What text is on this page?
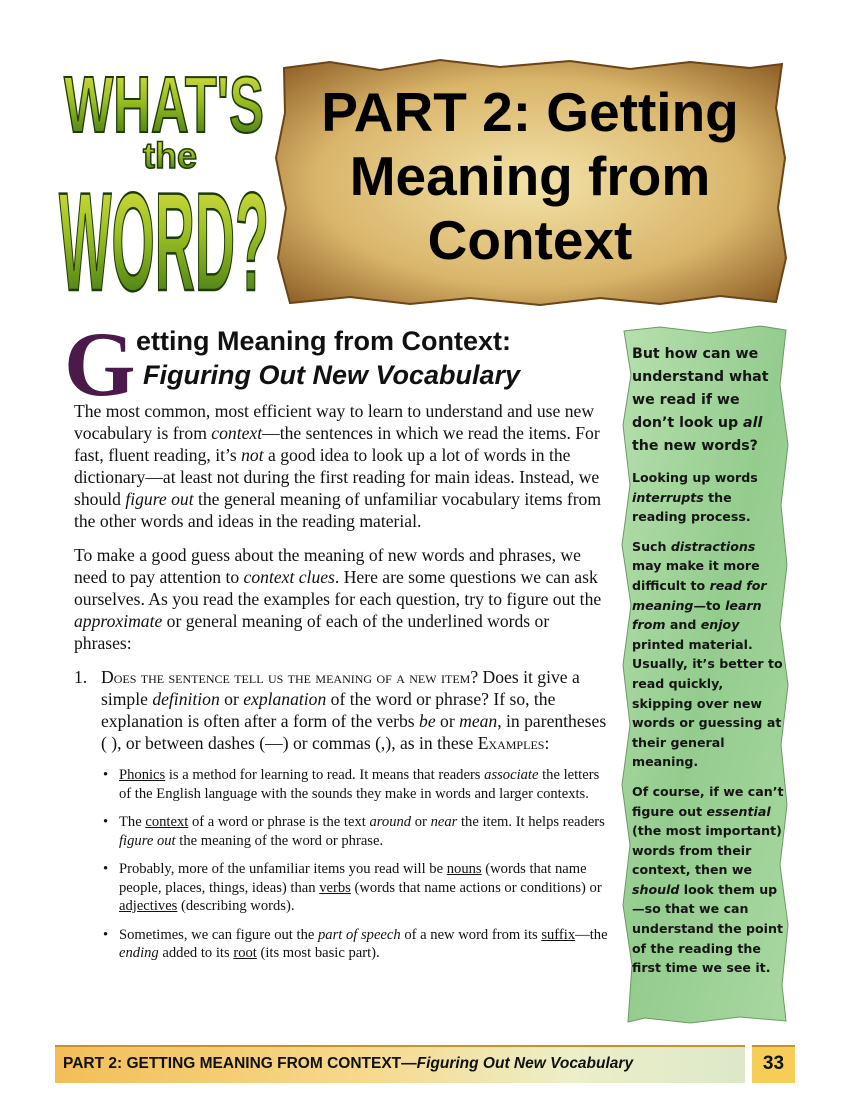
WHAT'S
the
WORD?
PART 2: Getting
Meaning from
Context
G etting Meaning from Context:
Figuring Out New Vocabulary

The most common, most efficient way to learn to understand and use new vocabulary is from context—the sentences in which we read the items. For fast, fluent reading, it’s not a good idea to look up a lot of words in the dictionary—at least not during the first reading for main ideas. Instead, we should figure out the general meaning of unfamiliar vocabulary items from the other words and ideas in the reading material.

To make a good guess about the meaning of new words and phrases, we need to pay attention to context clues. Here are some questions we can ask ourselves. As you read the examples for each question, try to figure out the approximate or general meaning of each of the underlined words or phrases:

1. Does the sentence tell us the meaning of a new item? Does it give a simple definition or explanation of the word or phrase? If so, the explanation is often after a form of the verbs be or mean, in parentheses ( ), or between dashes (—) or commas (,), as in these Examples:
• Phonics is a method for learning to read. It means that readers associate the letters of the English language with the sounds they make in words and larger contexts.
• The context of a word or phrase is the text around or near the item. It helps readers figure out the meaning of the word or phrase.
• Probably, more of the unfamiliar items you read will be nouns (words that name people, places, things, ideas) than verbs (words that name actions or conditions) or adjectives (describing words).
• Sometimes, we can figure out the part of speech of a new word from its suffix—the ending added to its root (its most basic part).
But how can we understand what we read if we don’t look up all the new words?

Looking up words interrupts the reading process.

Such distractions may make it more difficult to read for meaning—to learn from and enjoy printed material. Usually, it’s better to read quickly, skipping over new words or guessing at their general meaning.

Of course, if we can’t figure out essential (the most important) words from their context, then we should look them up—so that we can understand the point of the reading the first time we see it.

PART 2: GETTING MEANING FROM CONTEXT—Figuring Out New Vocabulary	33
